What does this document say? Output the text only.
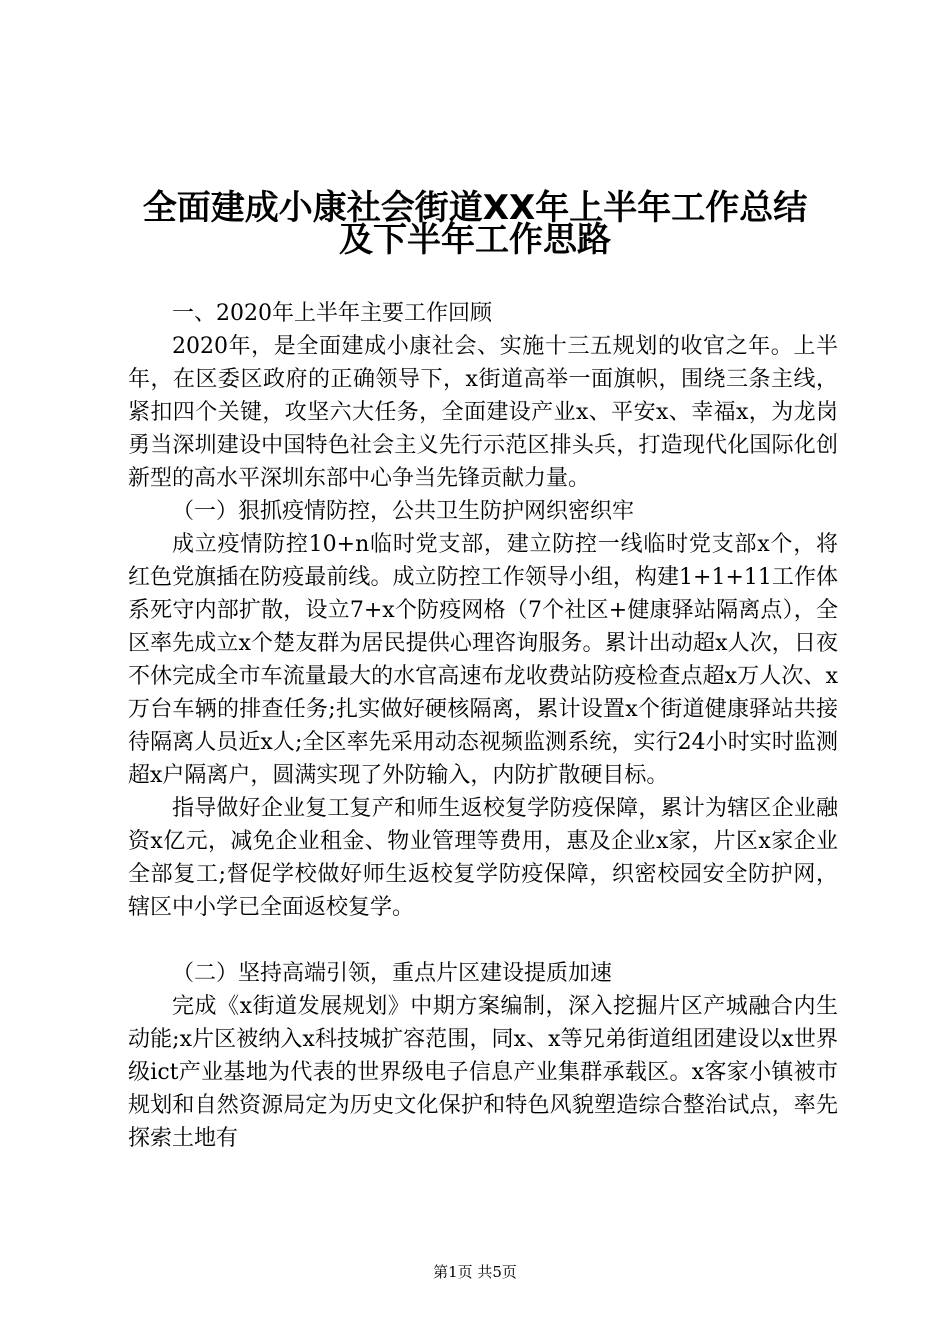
全面建成小康社会街道XX年上半年工作总结
及下半年工作思路

一、2020年上半年主要工作回顾

2020年，是全面建成小康社会、实施十三五规划的收官之年。上半年，在区委区政府的正确领导下，x街道高举一面旗帜，围绕三条主线，紧扣四个关键，攻坚六大任务，全面建设产业x、平安x、幸福x，为龙岗勇当深圳建设中国特色社会主义先行示范区排头兵，打造现代化国际化创新型的高水平深圳东部中心争当先锋贡献力量。

（一）狠抓疫情防控，公共卫生防护网织密织牢

成立疫情防控10+n临时党支部，建立防控一线临时党支部x个，将红色党旗插在防疫最前线。成立防控工作领导小组，构建1+1+11工作体系死守内部扩散，设立7+x个防疫网格（7个社区+健康驿站隔离点），全区率先成立x个楚友群为居民提供心理咨询服务。累计出动超x人次，日夜不休完成全市车流量最大的水官高速布龙收费站防疫检查点超x万人次、x万台车辆的排查任务;扎实做好硬核隔离，累计设置x个街道健康驿站共接待隔离人员近x人;全区率先采用动态视频监测系统，实行24小时实时监测超x户隔离户，圆满实现了外防输入，内防扩散硬目标。

指导做好企业复工复产和师生返校复学防疫保障，累计为辖区企业融资x亿元，减免企业租金、物业管理等费用，惠及企业x家，片区x家企业全部复工;督促学校做好师生返校复学防疫保障，织密校园安全防护网，辖区中小学已全面返校复学。

（二）坚持高端引领，重点片区建设提质加速

完成《x街道发展规划》中期方案编制，深入挖掘片区产城融合内生动能;x片区被纳入x科技城扩容范围，同x、x等兄弟街道组团建设以x世界级ict产业基地为代表的世界级电子信息产业集群承载区。x客家小镇被市规划和自然资源局定为历史文化保护和特色风貌塑造综合整治试点，率先探索土地有

第1页 共5页
